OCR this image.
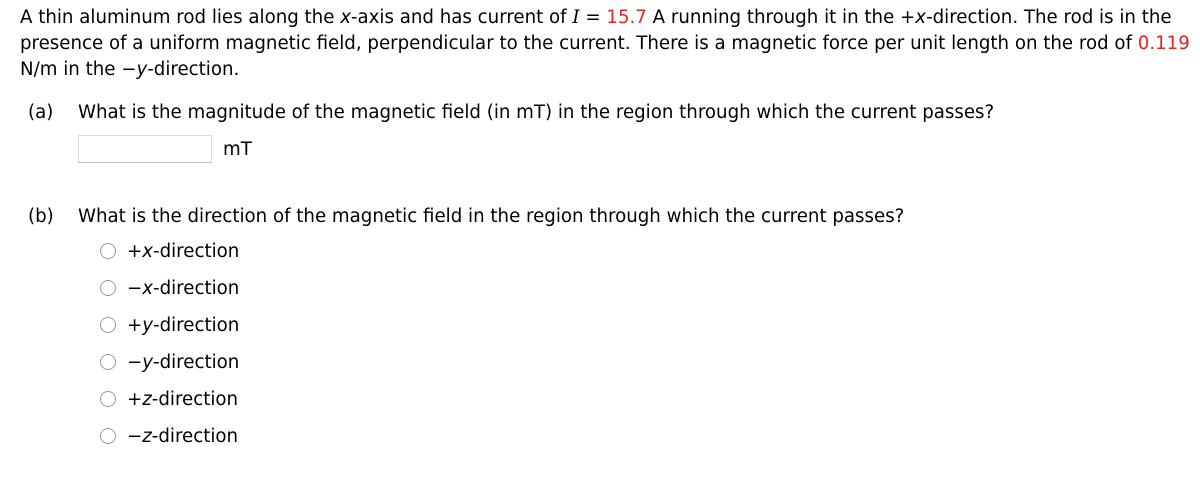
A thin aluminum rod lies along the x-axis and has current of I = 15.7 A running through it in the +x-direction. The rod is in the presence of a uniform magnetic field, perpendicular to the current. There is a magnetic force per unit length on the rod of 0.119 N/m in the −y-direction.
(a) What is the magnitude of the magnetic field (in mT) in the region through which the current passes?
mT
(b) What is the direction of the magnetic field in the region through which the current passes?
+x-direction
−x-direction
+y-direction
−y-direction
+z-direction
−z-direction
